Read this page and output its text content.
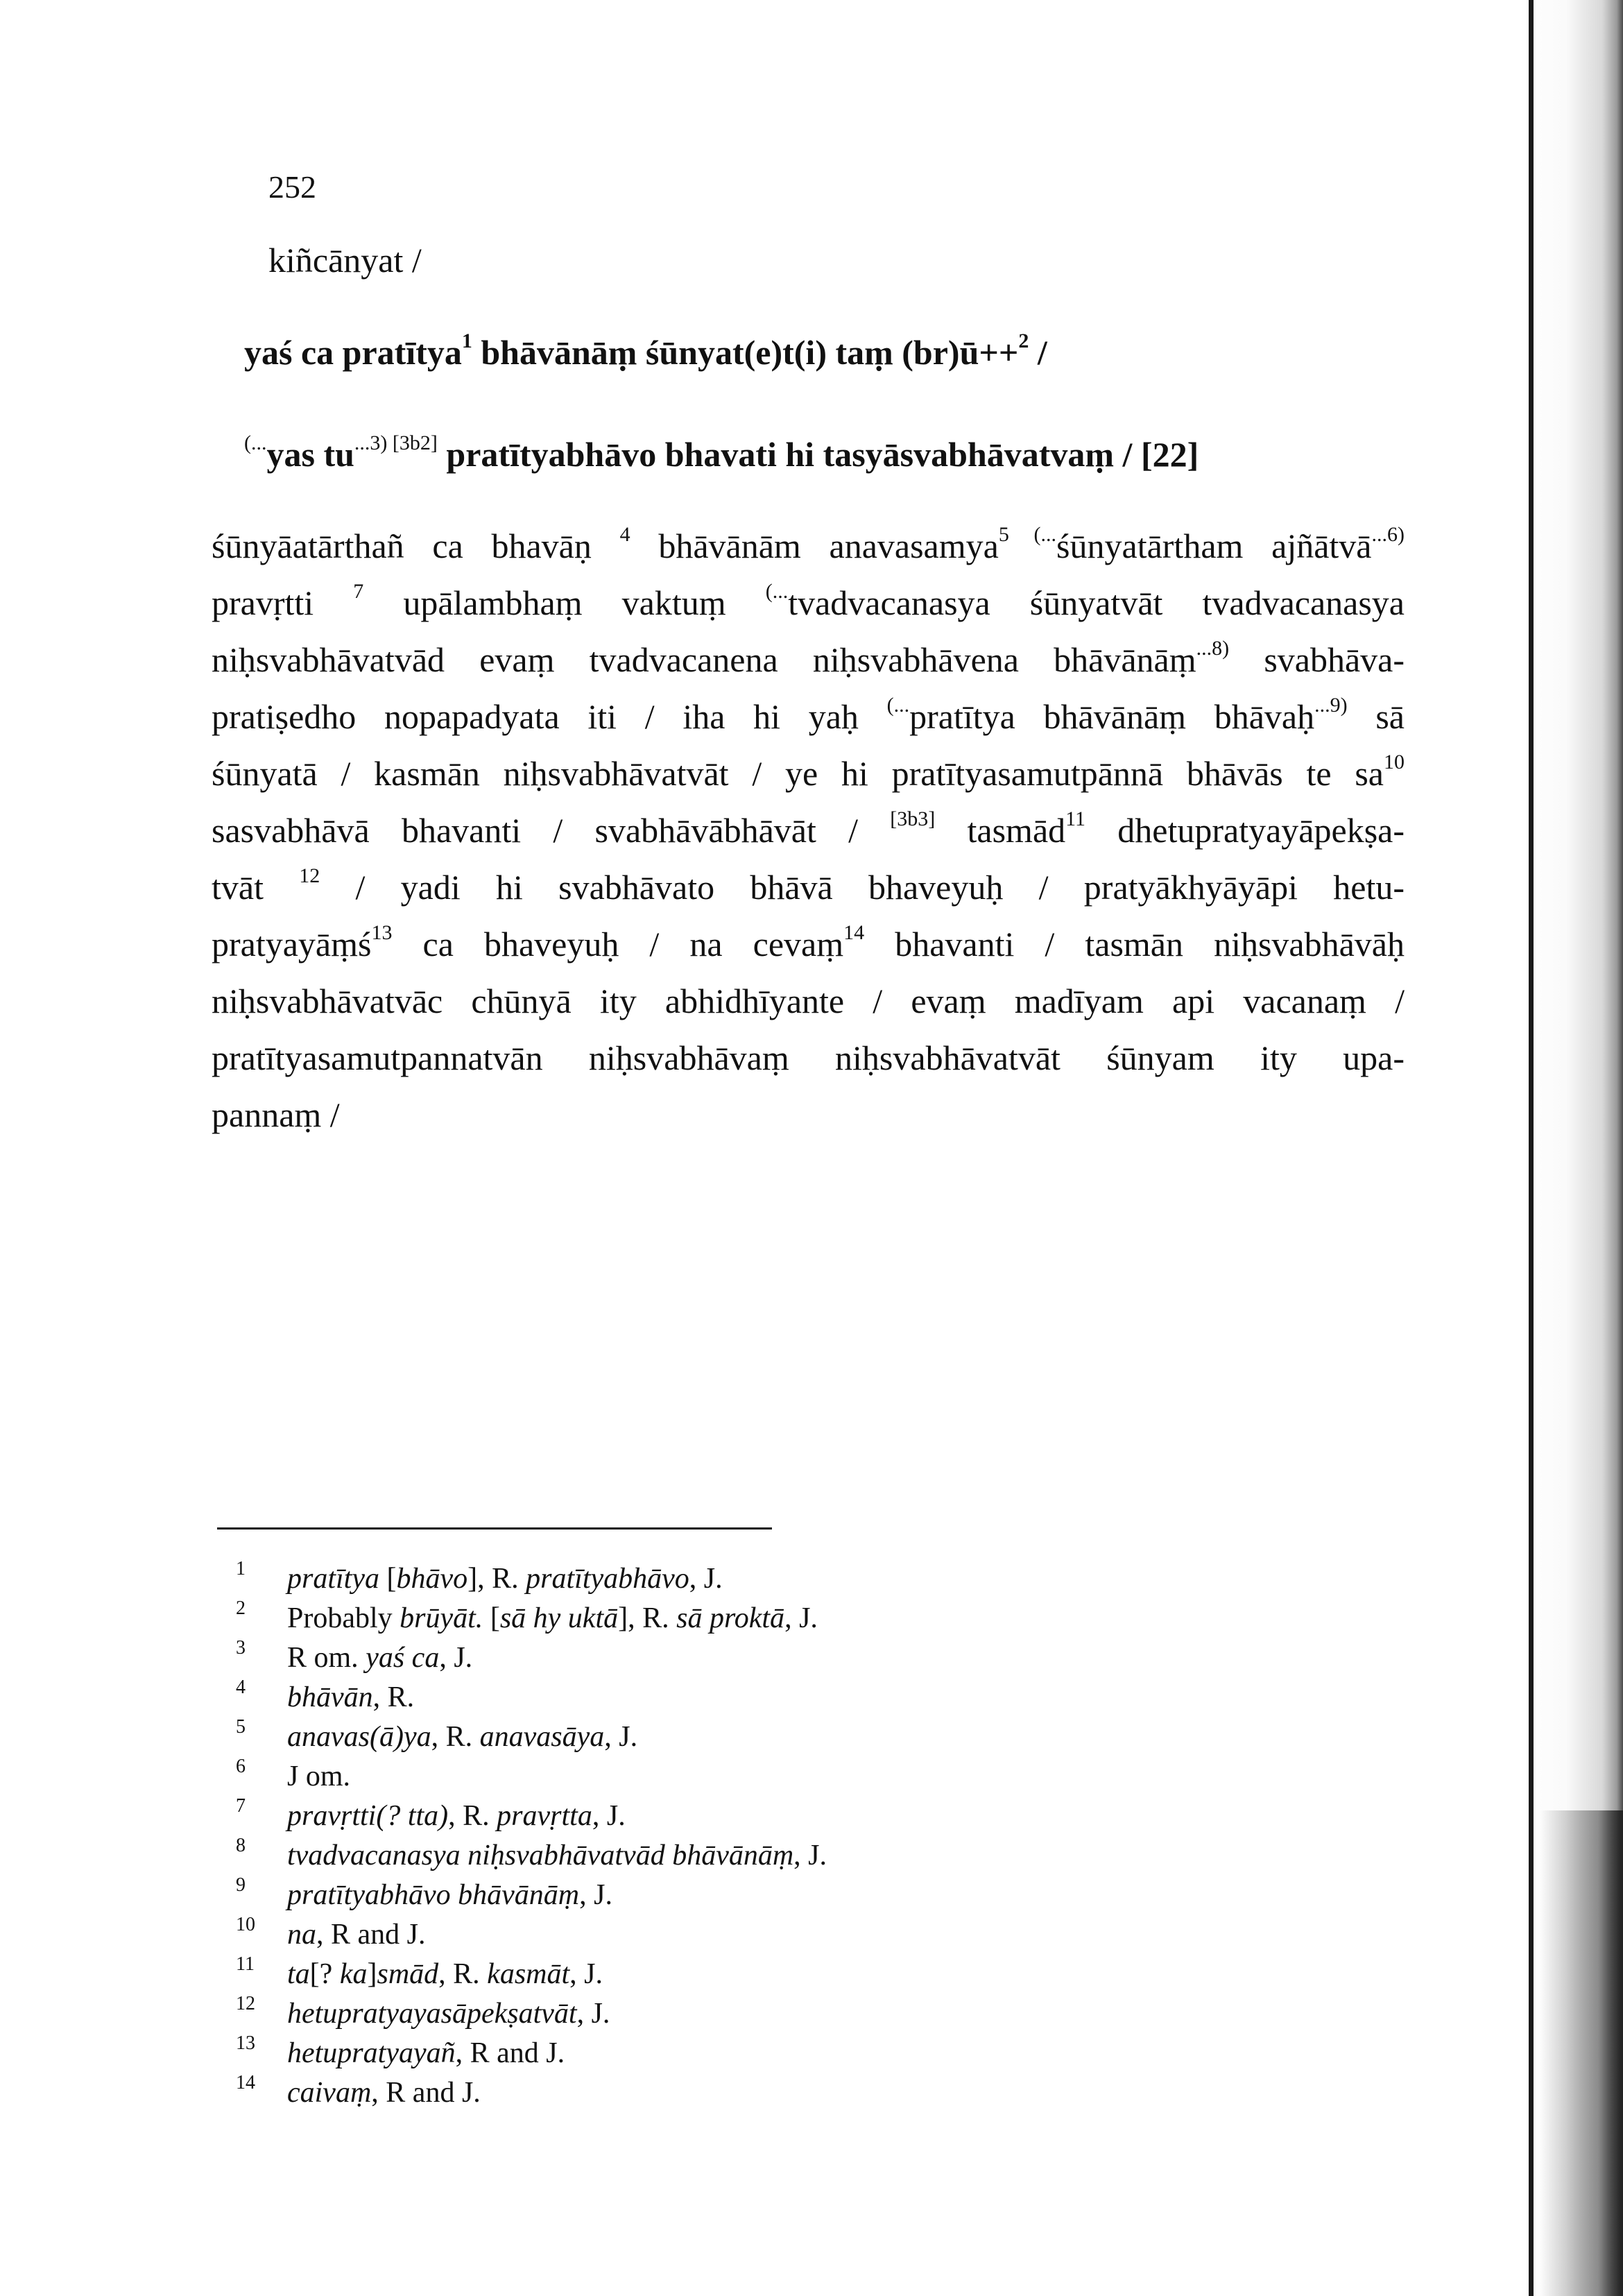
252
kiñcānyat /
yaś ca pratītya$^1$ bhāvānāṃ śūnyat(e)t(i) taṃ (br)ū++$^2$ /
(...yas $tu^{...3) [3b2]}$ pratītyabhāvo bhavati hi tasyāsvabhāvatvaṃ / [22]
śūnyāatārthañ ca bhavāṇ $^4$ bhāvānām anavasamya$^{5 (...}$śūnyatārtham ajñātvā$^{...6)}$
pravṛtti $^7$ upālambhaṃ vaktuṃ (...tvadvacanasya śūnyatvāt tvadvacanasya
niḥsvabhāvatvād evaṃ tvadvacanena niḥsvabhāvena bhāvānāṃ$^{...8)}$ svabhāva-
pratiṣedho nopapadyata iti / iha hi yaḥ (...pratītya bhāvānāṃ bhāvaḥ$^{...9)}$ sā
śūnyatā / kasmān niḥsvabhāvatvāt / ye hi pratītyasamutpānnā bhāvās te $sa^{10}$
sasvabhāvā bhavanti / svabhāvābhāvāt / [3b3] tasmād$^{11}$ dhetupratyayāpekṣa-
tvāt $^{12}$ / yadi hi svabhāvato bhāvā bhaveyuḥ / pratyākhyāyāpi hetu-
pratyayāṃś$^{13}$ ca bhaveyuḥ / na cevaṃ$^{14}$ bhavanti / tasmān niḥsvabhāvāḥ
niḥsvabhāvatvāc chūnyā ity abhidhīyante / evaṃ madīyam api vacanaṃ /
pratītyasamutpannatvān niḥsvabhāvaṃ niḥsvabhāvatvāt śūnyam ity upa-
pannaṃ /
1 pratītya [bhāvo], R. pratītyabhāvo, J.
2 Probably brūyāt. [sā hy uktā], R. sā proktā, J.
3 R om. yaś ca, J.
4 bhāvān, R.
5 anavas(ā)ya, R. anavasāya, J.
6 J om.
7 pravṛtti(? tta), R. pravṛtta, J.
8 tvadvacanasya niḥsvabhāvatvād bhāvānāṃ, J.
9 pratītyabhāvo bhāvānāṃ, J.
10 na, R and J.
11 ta[? ka]smād, R. kasmāt, J.
12 hetupratyayasāpekṣatvāt, J.
13 hetupratyayañ, R and J.
14 caivaṃ, R and J.
